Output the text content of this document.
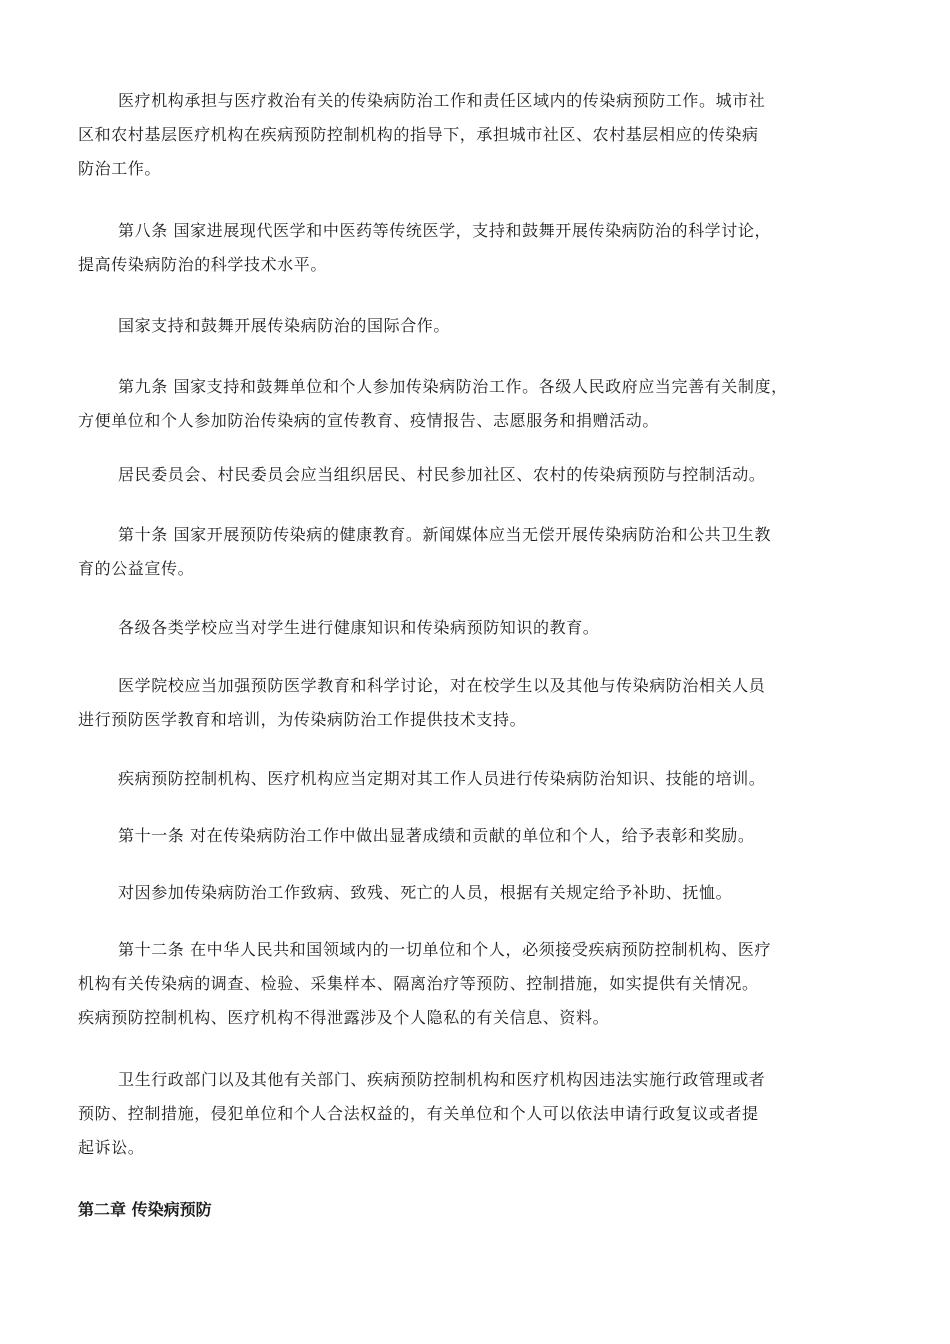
医疗机构承担与医疗救治有关的传染病防治工作和责任区域内的传染病预防工作。城市社
区和农村基层医疗机构在疾病预防控制机构的指导下，承担城市社区、农村基层相应的传染病
防治工作。
第八条 国家进展现代医学和中医药等传统医学，支持和鼓舞开展传染病防治的科学讨论，
提高传染病防治的科学技术水平。
国家支持和鼓舞开展传染病防治的国际合作。
第九条 国家支持和鼓舞单位和个人参加传染病防治工作。各级人民政府应当完善有关制度，
方便单位和个人参加防治传染病的宣传教育、疫情报告、志愿服务和捐赠活动。
居民委员会、村民委员会应当组织居民、村民参加社区、农村的传染病预防与控制活动。
第十条 国家开展预防传染病的健康教育。新闻媒体应当无偿开展传染病防治和公共卫生教
育的公益宣传。
各级各类学校应当对学生进行健康知识和传染病预防知识的教育。
医学院校应当加强预防医学教育和科学讨论，对在校学生以及其他与传染病防治相关人员
进行预防医学教育和培训，为传染病防治工作提供技术支持。
疾病预防控制机构、医疗机构应当定期对其工作人员进行传染病防治知识、技能的培训。
第十一条 对在传染病防治工作中做出显著成绩和贡献的单位和个人，给予表彰和奖励。
对因参加传染病防治工作致病、致残、死亡的人员，根据有关规定给予补助、抚恤。
第十二条 在中华人民共和国领域内的一切单位和个人，必须接受疾病预防控制机构、医疗
机构有关传染病的调查、检验、采集样本、隔离治疗等预防、控制措施，如实提供有关情况。
疾病预防控制机构、医疗机构不得泄露涉及个人隐私的有关信息、资料。
卫生行政部门以及其他有关部门、疾病预防控制机构和医疗机构因违法实施行政管理或者
预防、控制措施，侵犯单位和个人合法权益的，有关单位和个人可以依法申请行政复议或者提
起诉讼。
第二章 传染病预防
